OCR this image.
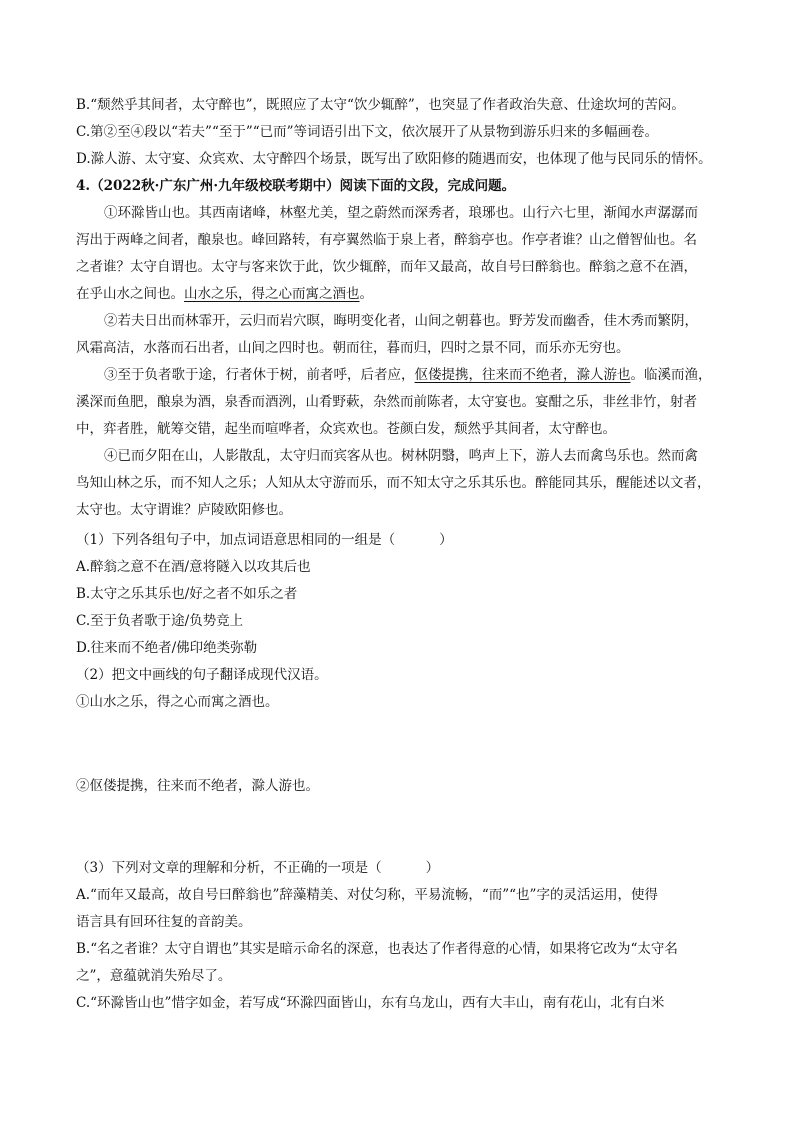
B.“颓然乎其间者，太守醉也”，既照应了太守“饮少辄醉”，也突显了作者政治失意、仕途坎坷的苦闷。
C.第②至④段以“若夫”“至于”“已而”等词语引出下文，依次展开了从景物到游乐归来的多幅画卷。
D.滁人游、太守宴、众宾欢、太守醉四个场景，既写出了欧阳修的随遇而安，也体现了他与民同乐的情怀。
4.（2022秋·广东广州·九年级校联考期中）阅读下面的文段，完成问题。
①环滁皆山也。其西南诸峰，林壑尤美，望之蔚然而深秀者，琅琊也。山行六七里，渐闻水声潺潺而
泻出于两峰之间者，酿泉也。峰回路转，有亭翼然临于泉上者，醉翁亭也。作亭者谁？山之僧智仙也。名
之者谁？太守自谓也。太守与客来饮于此，饮少辄醉，而年又最高，故自号曰醉翁也。醉翁之意不在酒，
在乎山水之间也。山水之乐，得之心而寓之酒也。
②若夫日出而林霏开，云归而岩穴暝，晦明变化者，山间之朝暮也。野芳发而幽香，佳木秀而繁阴，
风霜高洁，水落而石出者，山间之四时也。朝而往，暮而归，四时之景不同，而乐亦无穷也。
③至于负者歌于途，行者休于树，前者呼，后者应，伛偻提携，往来而不绝者，滁人游也。临溪而渔，
溪深而鱼肥，酿泉为酒，泉香而酒洌，山肴野蔌，杂然而前陈者，太守宴也。宴酣之乐，非丝非竹，射者
中，弈者胜，觥筹交错，起坐而喧哗者，众宾欢也。苍颜白发，颓然乎其间者，太守醉也。
④已而夕阳在山，人影散乱，太守归而宾客从也。树林阴翳，鸣声上下，游人去而禽鸟乐也。然而禽
鸟知山林之乐，而不知人之乐；人知从太守游而乐，而不知太守之乐其乐也。醉能同其乐，醒能述以文者，
太守也。太守谓谁？庐陵欧阳修也。
（1）下列各组句子中，加点词语意思相同的一组是（	）
A.醉翁之意不在酒/意将隧入以攻其后也
B.太守之乐其乐也/好之者不如乐之者
C.至于负者歌于途/负势竞上
D.往来而不绝者/佛印绝类弥勒
（2）把文中画线的句子翻译成现代汉语。
①山水之乐，得之心而寓之酒也。
②伛偻提携，往来而不绝者，滁人游也。
（3）下列对文章的理解和分析，不正确的一项是（	）
A.“而年又最高，故自号曰醉翁也”辞藻精美、对仗匀称，平易流畅，“而”“也”字的灵活运用，使得
语言具有回环往复的音韵美。
B.“名之者谁？太守自谓也”其实是暗示命名的深意，也表达了作者得意的心情，如果将它改为“太守名
之”，意蕴就消失殆尽了。
C.“环滁皆山也”惜字如金，若写成“环滁四面皆山，东有乌龙山，西有大丰山，南有花山，北有白米
